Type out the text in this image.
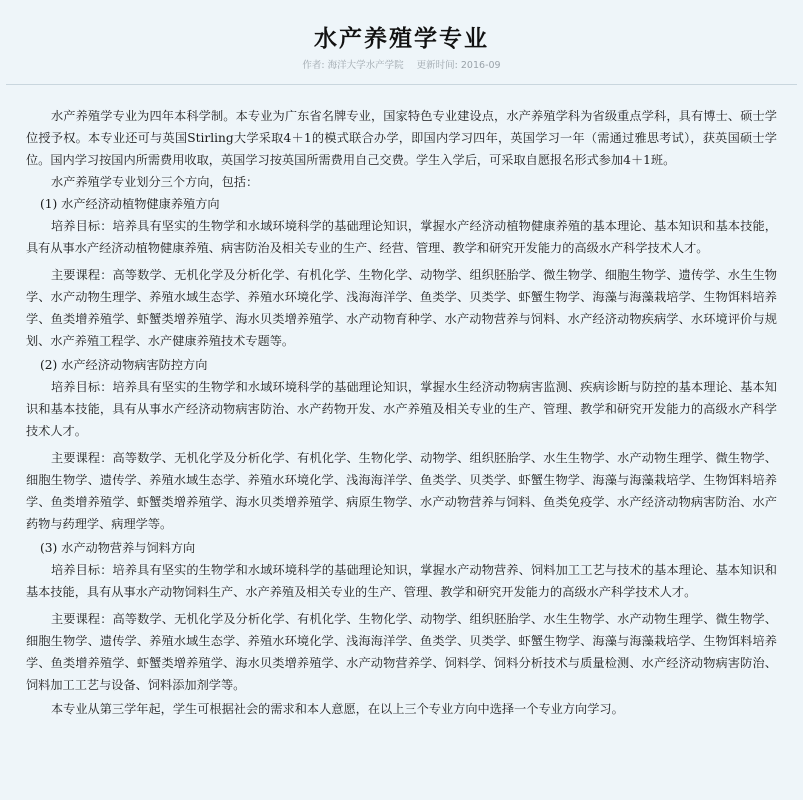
水产养殖学专业
作者: 海洋大学水产学院 更新时间: 2016-09

水产养殖学专业为四年本科学制。本专业为广东省名牌专业，国家特色专业建设点，水产养殖学科为省级重点学科，具有博士、硕士学位授予权。本专业还可与英国Stirling大学采取4＋1的模式联合办学，即国内学习四年，英国学习一年（需通过雅思考试），获英国硕士学位。国内学习按国内所需费用收取，英国学习按英国所需费用自己交费。学生入学后，可采取自愿报名形式参加4＋1班。

水产养殖学专业划分三个方向，包括：

(1) 水产经济动植物健康养殖方向

培养目标：培养具有坚实的生物学和水域环境科学的基础理论知识，掌握水产经济动植物健康养殖的基本理论、基本知识和基本技能，具有从事水产经济动植物健康养殖、病害防治及相关专业的生产、经营、管理、教学和研究开发能力的高级水产科学技术人才。

主要课程：高等数学、无机化学及分析化学、有机化学、生物化学、动物学、组织胚胎学、微生物学、细胞生物学、遗传学、水生生物学、水产动物生理学、养殖水域生态学、养殖水环境化学、浅海海洋学、鱼类学、贝类学、虾蟹生物学、海藻与海藻栽培学、生物饵料培养学、鱼类增养殖学、虾蟹类增养殖学、海水贝类增养殖学、水产动物育种学、水产动物营养与饲料、水产经济动物疾病学、水环境评价与规划、水产养殖工程学、水产健康养殖技术专题等。

(2) 水产经济动物病害防控方向

培养目标：培养具有坚实的生物学和水域环境科学的基础理论知识，掌握水生经济动物病害监测、疾病诊断与防控的基本理论、基本知识和基本技能，具有从事水产经济动物病害防治、水产药物开发、水产养殖及相关专业的生产、管理、教学和研究开发能力的高级水产科学技术人才。

主要课程：高等数学、无机化学及分析化学、有机化学、生物化学、动物学、组织胚胎学、水生生物学、水产动物生理学、微生物学、细胞生物学、遗传学、养殖水域生态学、养殖水环境化学、浅海海洋学、鱼类学、贝类学、虾蟹生物学、海藻与海藻栽培学、生物饵料培养学、鱼类增养殖学、虾蟹类增养殖学、海水贝类增养殖学、病原生物学、水产动物营养与饲料、鱼类免疫学、水产经济动物病害防治、水产药物与药理学、病理学等。

(3) 水产动物营养与饲料方向

培养目标：培养具有坚实的生物学和水域环境科学的基础理论知识，掌握水产动物营养、饲料加工工艺与技术的基本理论、基本知识和基本技能，具有从事水产动物饲料生产、水产养殖及相关专业的生产、管理、教学和研究开发能力的高级水产科学技术人才。

主要课程：高等数学、无机化学及分析化学、有机化学、生物化学、动物学、组织胚胎学、水生生物学、水产动物生理学、微生物学、细胞生物学、遗传学、养殖水域生态学、养殖水环境化学、浅海海洋学、鱼类学、贝类学、虾蟹生物学、海藻与海藻栽培学、生物饵料培养学、鱼类增养殖学、虾蟹类增养殖学、海水贝类增养殖学、水产动物营养学、饲料学、饲料分析技术与质量检测、水产经济动物病害防治、饲料加工工艺与设备、饲料添加剂学等。

本专业从第三学年起，学生可根据社会的需求和本人意愿，在以上三个专业方向中选择一个专业方向学习。
